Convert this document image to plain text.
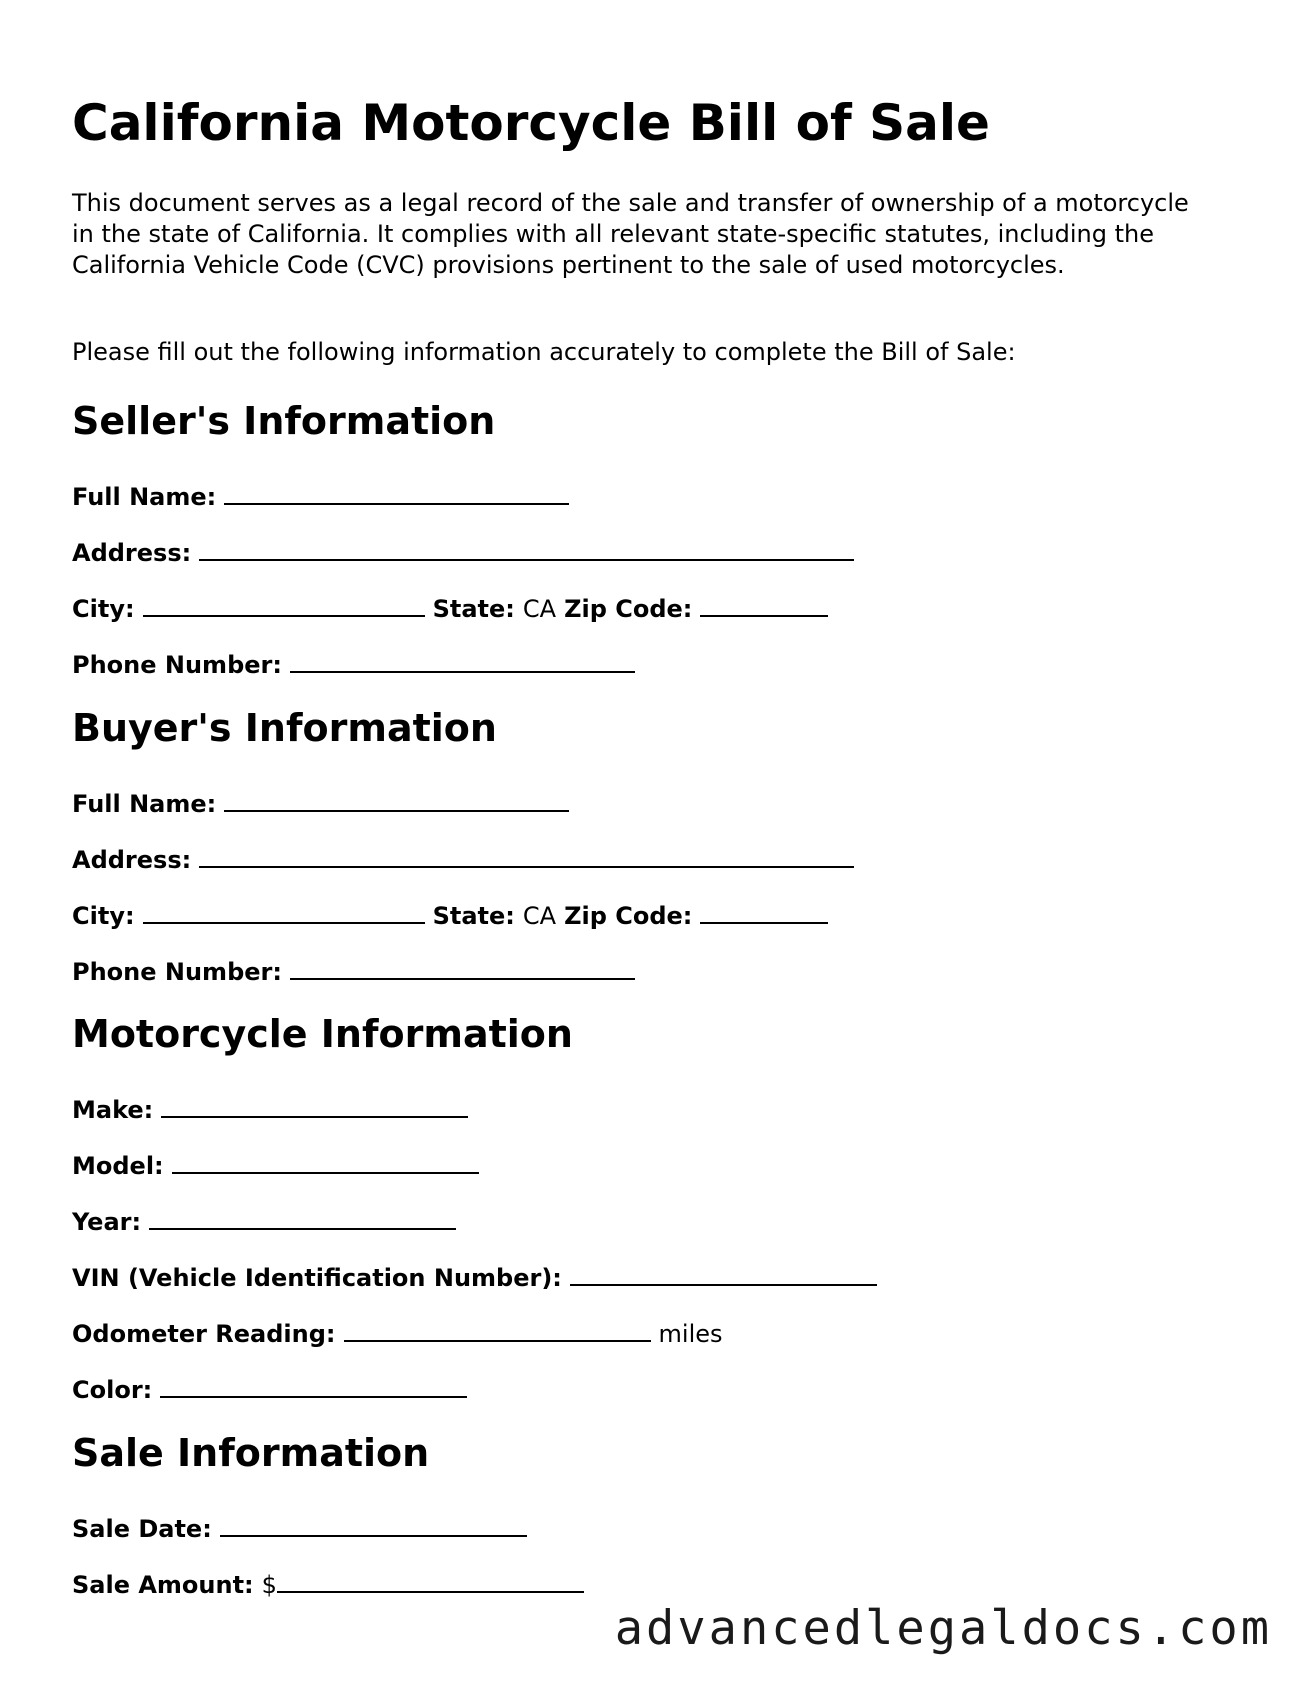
California Motorcycle Bill of Sale

This document serves as a legal record of the sale and transfer of ownership of a motorcycle in the state of California. It complies with all relevant state-specific statutes, including the California Vehicle Code (CVC) provisions pertinent to the sale of used motorcycles.

Please fill out the following information accurately to complete the Bill of Sale:

Seller's Information

Full Name:

Address:

City:	State: CA Zip Code:

Phone Number:

Buyer's Information

Full Name:

Address:

City:	State: CA Zip Code:

Phone Number:

Motorcycle Information

Make:

Model:

Year:

VIN (Vehicle Identification Number):

Odometer Reading:	miles

Color:

Sale Information

Sale Date:

Sale Amount: $

advancedlegaldocs.com
